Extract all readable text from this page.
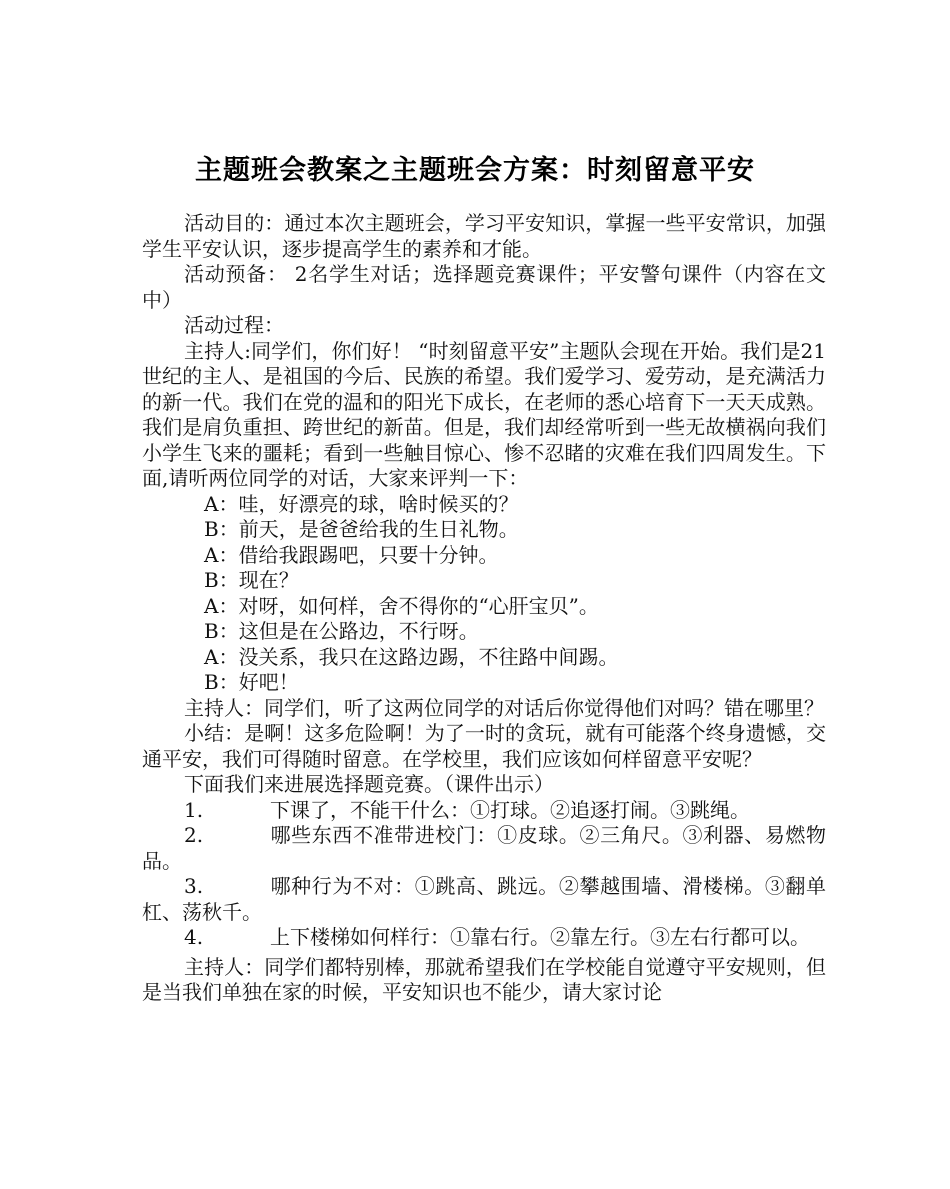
主题班会教案之主题班会方案：时刻留意平安

活动目的：通过本次主题班会，学习平安知识，掌握一些平安常识，加强学生平安认识，逐步提高学生的素养和才能。

活动预备： 2名学生对话；选择题竞赛课件；平安警句课件（内容在文中）

活动过程：

主持人:同学们，你们好！ “时刻留意平安”主题队会现在开始。我们是21世纪的主人、是祖国的今后、民族的希望。我们爱学习、爱劳动，是充满活力的新一代。我们在党的温和的阳光下成长，在老师的悉心培育下一天天成熟。我们是肩负重担、跨世纪的新苗。但是，我们却经常听到一些无故横祸向我们小学生飞来的噩耗；看到一些触目惊心、惨不忍睹的灾难在我们四周发生。下面,请听两位同学的对话，大家来评判一下：

A：哇，好漂亮的球，啥时候买的？

B：前天，是爸爸给我的生日礼物。

A：借给我跟踢吧，只要十分钟。

B：现在？

A：对呀，如何样，舍不得你的“心肝宝贝”。

B：这但是在公路边，不行呀。

A：没关系，我只在这路边踢，不往路中间踢。

B：好吧！

主持人：同学们，听了这两位同学的对话后你觉得他们对吗？错在哪里？

小结：是啊！这多危险啊！为了一时的贪玩，就有可能落个终身遗憾，交通平安，我们可得随时留意。在学校里，我们应该如何样留意平安呢？

下面我们来进展选择题竞赛。（课件出示）

1.	下课了，不能干什么：①打球。②追逐打闹。③跳绳。

2.	哪些东西不准带进校门：①皮球。②三角尺。③利器、易燃物品。

3.	哪种行为不对：①跳高、跳远。②攀越围墙、滑楼梯。③翻单杠、荡秋千。

4.	上下楼梯如何样行：①靠右行。②靠左行。③左右行都可以。

主持人：同学们都特别棒，那就希望我们在学校能自觉遵守平安规则，但是当我们单独在家的时候，平安知识也不能少，请大家讨论
